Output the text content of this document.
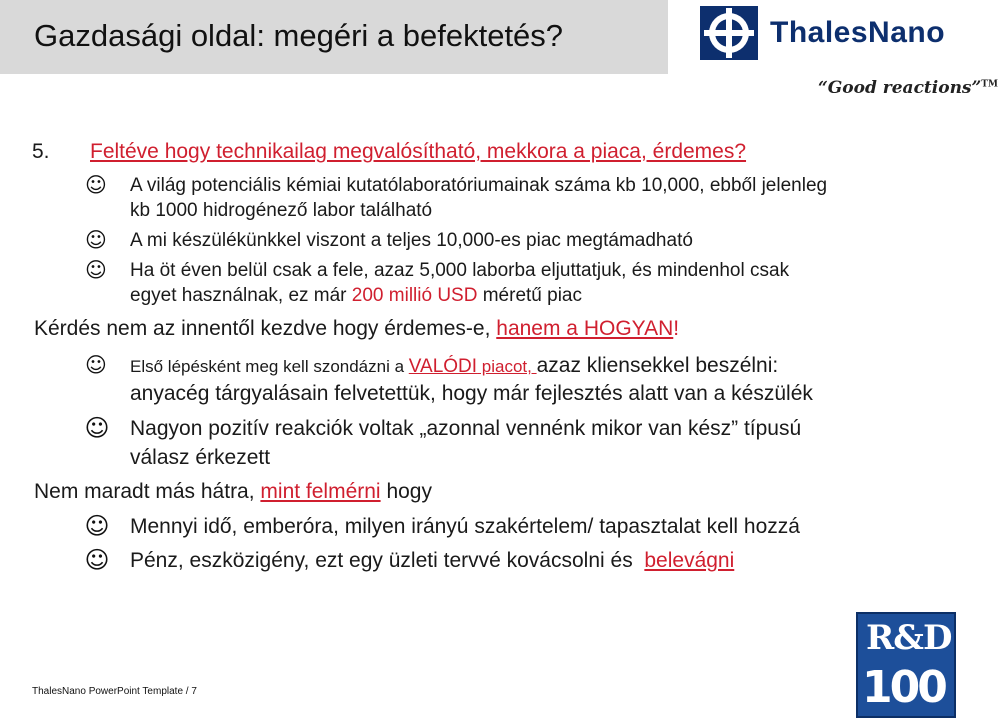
Gazdasági oldal: megéri a befektetés?	ThalesNano
“Good reactions”™
5. Feltéve hogy technikailag megvalósítható, mekkora a piaca, érdemes?
☺ A világ potenciális kémiai kutatólaboratóriumainak száma kb 10,000, ebből jelenleg
kb 1000 hidrogénező labor található
☺ A mi készülékünkkel viszont a teljes 10,000-es piac megtámadható
☺ Ha öt éven belül csak a fele, azaz 5,000 laborba eljuttatjuk, és mindenhol csak
egyet használnak, ez már 200 millió USD méretű piac
Kérdés nem az innentől kezdve hogy érdemes-e, hanem a HOGYAN!
☺ Első lépésként meg kell szondázni a VALÓDI piacot, azaz kliensekkel beszélni:
anyacég tárgyalásain felvetettük, hogy már fejlesztés alatt van a készülék
☺ Nagyon pozitív reakciók voltak „azonnal vennénk mikor van kész” típusú
válasz érkezett
Nem maradt más hátra, mint felmérni hogy
☺ Mennyi idő, emberóra, milyen irányú szakértelem/ tapasztalat kell hozzá
☺ Pénz, eszközigény, ezt egy üzleti tervvé kovácsolni és  belevágni
ThalesNano PowerPoint Template / 7
R&D
100
